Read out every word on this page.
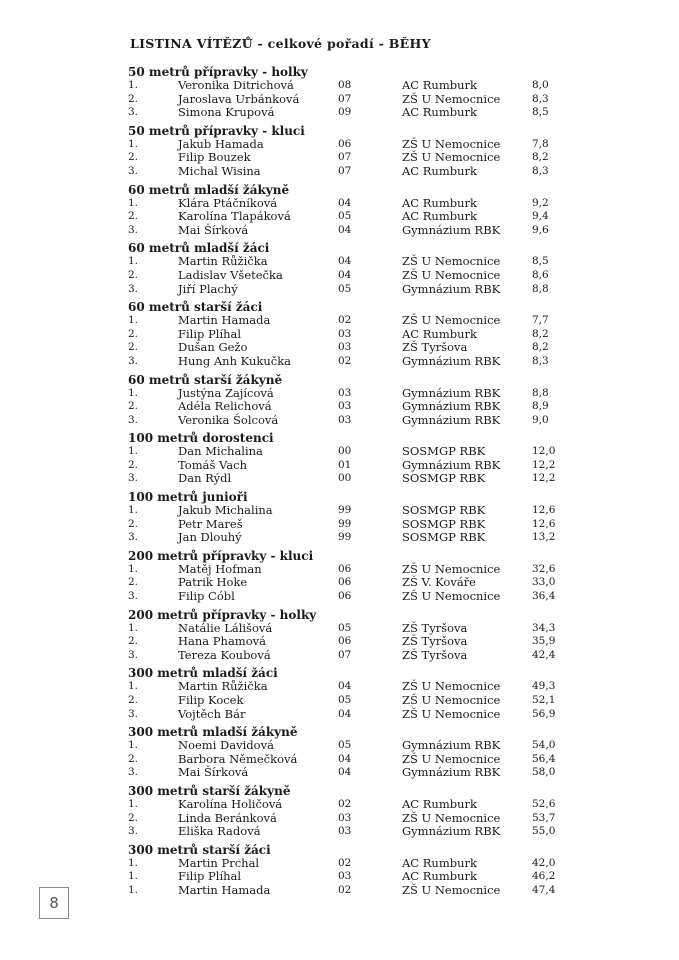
LISTINA VÍTĚZŮ - celkové pořadí - BĚHY
50 metrů přípravky - holky
1.	Veronika Ditrichová	08	AC Rumburk	8,0
2.	Jaroslava Urbánková	07	ZŠ U Nemocnice	8,3
3.	Simona Krupová	09	AC Rumburk	8,5
50 metrů přípravky - kluci
1.	Jakub Hamada	06	ZŠ U Nemocnice	7,8
2.	Filip Bouzek	07	ZŠ U Nemocnice	8,2
3.	Michal Wisina	07	AC Rumburk	8,3
60 metrů mladší žákyně
1.	Klára Ptáčníková	04	AC Rumburk	9,2
2.	Karolína Tlapáková	05	AC Rumburk	9,4
3.	Mai Šírková	04	Gymnázium RBK	9,6
60 metrů mladší žáci
1.	Martin Růžička	04	ZŠ U Nemocnice	8,5
2.	Ladislav Všetečka	04	ZŠ U Nemocnice	8,6
3.	Jiří Plachý	05	Gymnázium RBK	8,8
60 metrů starší žáci
1.	Martin Hamada	02	ZŠ U Nemocnice	7,7
2.	Filip Plíhal	03	AC Rumburk	8,2
2.	Dušan Gežo	03	ZŠ Tyršova	8,2
3.	Hung Anh Kukučka	02	Gymnázium RBK	8,3
60 metrů starší žákyně
1.	Justýna Zajícová	03	Gymnázium RBK	8,8
2.	Adéla Relichová	03	Gymnázium RBK	8,9
3.	Veronika Šolcová	03	Gymnázium RBK	9,0
100 metrů dorostenci
1.	Dan Michalina	00	SOSMGP RBK	12,0
2.	Tomáš Vach	01	Gymnázium RBK	12,2
3.	Dan Rýdl	00	SOSMGP RBK	12,2
100 metrů junioři
1.	Jakub Michalina	99	SOSMGP RBK	12,6
2.	Petr Mareš	99	SOSMGP RBK	12,6
3.	Jan Dlouhý	99	SOSMGP RBK	13,2
200 metrů přípravky - kluci
1.	Matěj Hofman	06	ZŠ U Nemocnice	32,6
2.	Patrik Hoke	06	ZŠ V. Kováře	33,0
3.	Filip Cóbl	06	ZŠ U Nemocnice	36,4
200 metrů přípravky - holky
1.	Natálie Lálišová	05	ZŠ Tyršova	34,3
2.	Hana Phamová	06	ZŠ Tyršova	35,9
3.	Tereza Koubová	07	ZŠ Tyršova	42,4
300 metrů mladší žáci
1.	Martin Růžička	04	ZŠ U Nemocnice	49,3
2.	Filip Kocek	05	ZŠ U Nemocnice	52,1
3.	Vojtěch Bár	04	ZŠ U Nemocnice	56,9
300 metrů mladší žákyně
1.	Noemi Davidová	05	Gymnázium RBK	54,0
2.	Barbora Němečková	04	ZŠ U Nemocnice	56,4
3.	Mai Šírková	04	Gymnázium RBK	58,0
300 metrů starší žákyně
1.	Karolína Holičová	02	AC Rumburk	52,6
2.	Linda Beránková	03	ZŠ U Nemocnice	53,7
3.	Eliška Radová	03	Gymnázium RBK	55,0
300 metrů starší žáci
1.	Martin Prchal	02	AC Rumburk	42,0
1.	Filip Plíhal	03	AC Rumburk	46,2
1.	Martin Hamada	02	ZŠ U Nemocnice	47,4
8
